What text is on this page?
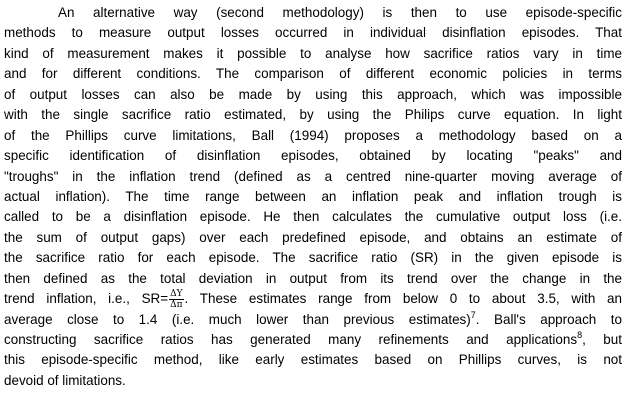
An alternative way (second methodology) is then to use episode-specific
methods to measure output losses occurred in individual disinflation episodes. That
kind of measurement makes it possible to analyse how sacrifice ratios vary in time
and for different conditions. The comparison of different economic policies in terms
of output losses can also be made by using this approach, which was impossible
with the single sacrifice ratio estimated, by using the Philips curve equation. In light
of the Phillips curve limitations, Ball (1994) proposes a methodology based on a
specific identification of disinflation episodes, obtained by locating "peaks" and
"troughs" in the inflation trend (defined as a centred nine-quarter moving average of
actual inflation). The time range between an inflation peak and inflation trough is
called to be a disinflation episode. He then calculates the cumulative output loss (i.e.
the sum of output gaps) over each predefined episode, and obtains an estimate of
the sacrifice ratio for each episode. The sacrifice ratio (SR) in the given episode is
then defined as the total deviation in output from its trend over the change in the
trend inflation, i.e., $SR= \frac{\Delta Y}{\Delta\pi}$ . These estimates range from below 0 to about 3.5, with an
average close to 1.4 (i.e. much lower than previous estimates)$^7$. Ball's approach to
constructing sacrifice ratios has generated many refinements and applications$^8$, but
this episode-specific method, like early estimates based on Phillips curves, is not
devoid of limitations.
